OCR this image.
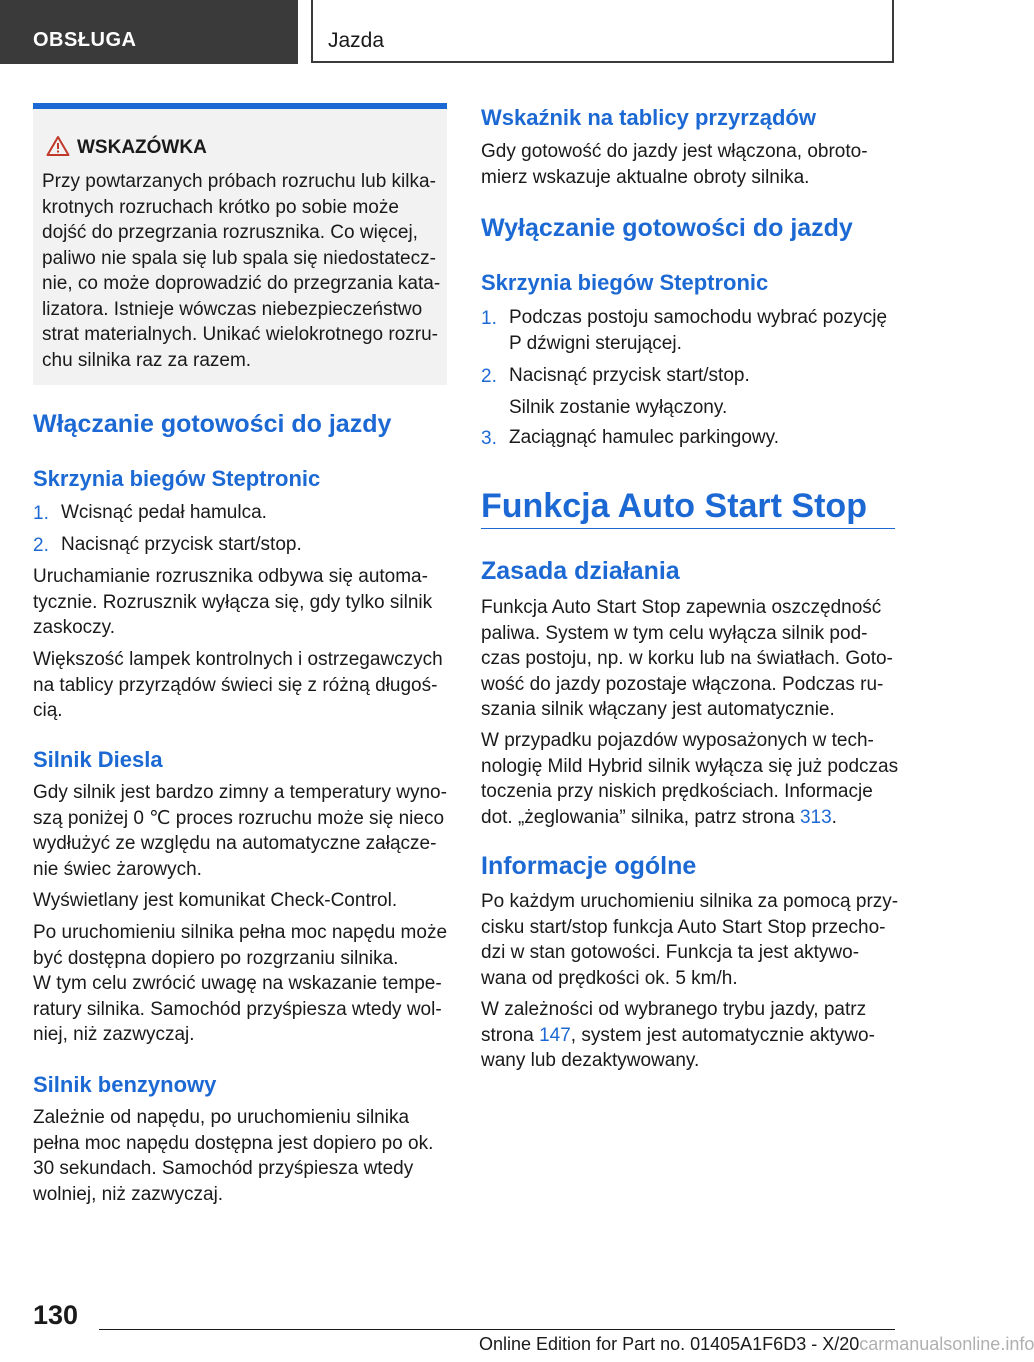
OBSŁUGA	Jazda
WSKAZÓWKA
Przy powtarzanych próbach rozruchu lub kilka-
krotnych rozruchach krótko po sobie może
dojść do przegrzania rozrusznika. Co więcej,
paliwo nie spala się lub spala się niedostatecz-
nie, co może doprowadzić do przegrzania kata-
lizatora. Istnieje wówczas niebezpieczeństwo
strat materialnych. Unikać wielokrotnego rozru-
chu silnika raz za razem.
Włączanie gotowości do jazdy
Skrzynia biegów Steptronic
1. Wcisnąć pedał hamulca.
2. Nacisnąć przycisk start/stop.
Uruchamianie rozrusznika odbywa się automa-
tycznie. Rozrusznik wyłącza się, gdy tylko silnik
zaskoczy.
Większość lampek kontrolnych i ostrzegawczych
na tablicy przyrządów świeci się z różną długoś-
cią.
Silnik Diesla
Gdy silnik jest bardzo zimny a temperatury wyno-
szą poniżej 0 ℃ proces rozruchu może się nieco
wydłużyć ze względu na automatyczne załącze-
nie świec żarowych.
Wyświetlany jest komunikat Check-Control.
Po uruchomieniu silnika pełna moc napędu może
być dostępna dopiero po rozgrzaniu silnika.
W tym celu zwrócić uwagę na wskazanie tempe-
ratury silnika. Samochód przyśpiesza wtedy wol-
niej, niż zazwyczaj.
Silnik benzynowy
Zależnie od napędu, po uruchomieniu silnika
pełna moc napędu dostępna jest dopiero po ok.
30 sekundach. Samochód przyśpiesza wtedy
wolniej, niż zazwyczaj.
Wskaźnik na tablicy przyrządów
Gdy gotowość do jazdy jest włączona, obroto-
mierz wskazuje aktualne obroty silnika.
Wyłączanie gotowości do jazdy
Skrzynia biegów Steptronic
1. Podczas postoju samochodu wybrać pozycję
P dźwigni sterującej.
2. Nacisnąć przycisk start/stop.
Silnik zostanie wyłączony.
3. Zaciągnąć hamulec parkingowy.
Funkcja Auto Start Stop
Zasada działania
Funkcja Auto Start Stop zapewnia oszczędność
paliwa. System w tym celu wyłącza silnik pod-
czas postoju, np. w korku lub na światłach. Goto-
wość do jazdy pozostaje włączona. Podczas ru-
szania silnik włączany jest automatycznie.
W przypadku pojazdów wyposażonych w tech-
nologię Mild Hybrid silnik wyłącza się już podczas
toczenia przy niskich prędkościach. Informacje
dot. „żeglowania” silnika, patrz strona 313.
Informacje ogólne
Po każdym uruchomieniu silnika za pomocą przy-
cisku start/stop funkcja Auto Start Stop przecho-
dzi w stan gotowości. Funkcja ta jest aktywo-
wana od prędkości ok. 5 km/h.
W zależności od wybranego trybu jazdy, patrz
strona 147, system jest automatycznie aktywo-
wany lub dezaktywowany.
130
Online Edition for Part no. 01405A1F6D3 - X/20carmanualsonline.info
